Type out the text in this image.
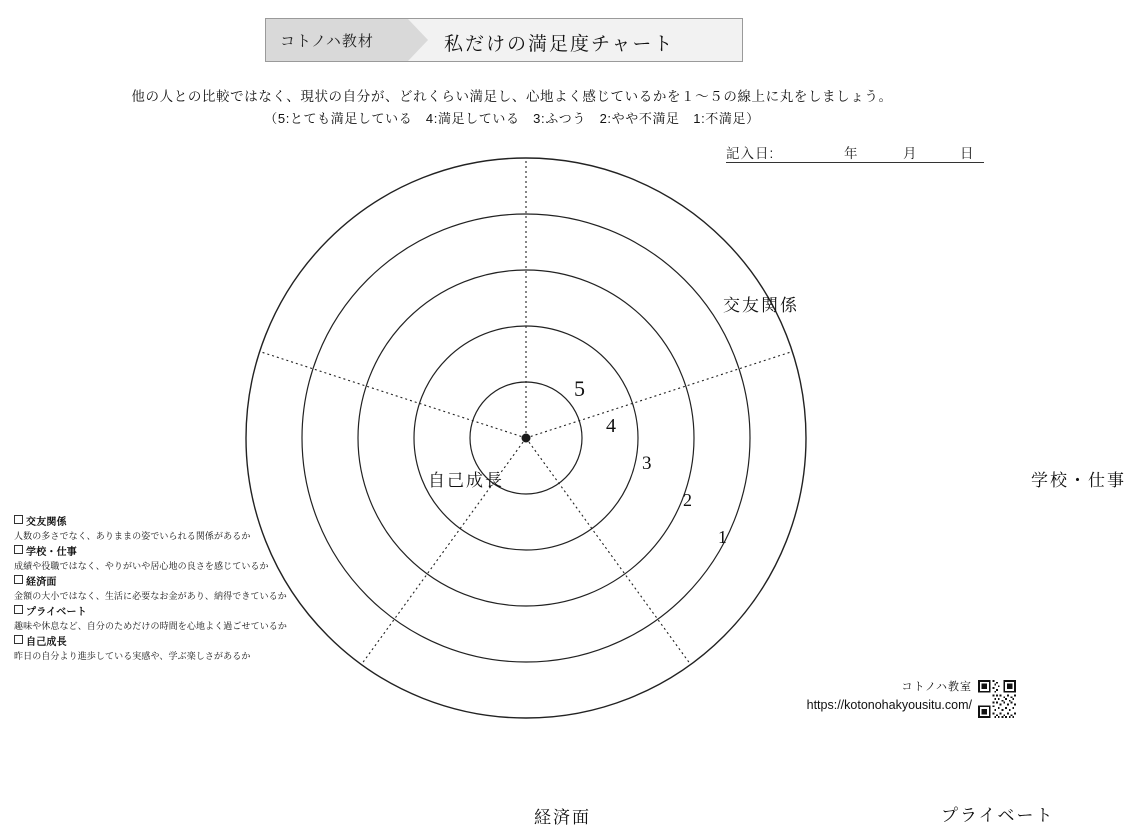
コトノハ教材	私だけの満足度チャート
他の人との比較ではなく、現状の自分が、どれくらい満足し、心地よく感じているかを１〜５の線上に丸をしましょう。
（5:とても満足している　4:満足している　3:ふつう　2:やや不満足　1:不満足）
記入日:	年	月	日
交友関係
学校・仕事
プライベート
経済面
自己成長
1
2
3
4
5
交友関係
人数の多さでなく、ありままの姿でいられる関係があるか
学校・仕事
成績や役職ではなく、やりがいや居心地の良さを感じているか
経済面
金額の大小ではなく、生活に必要なお金があり、納得できているか
プライベート
趣味や休息など、自分のためだけの時間を心地よく過ごせているか
自己成長
昨日の自分より進歩している実感や、学ぶ楽しさがあるか
コトノハ教室
https://kotonohakyousitu.com/
